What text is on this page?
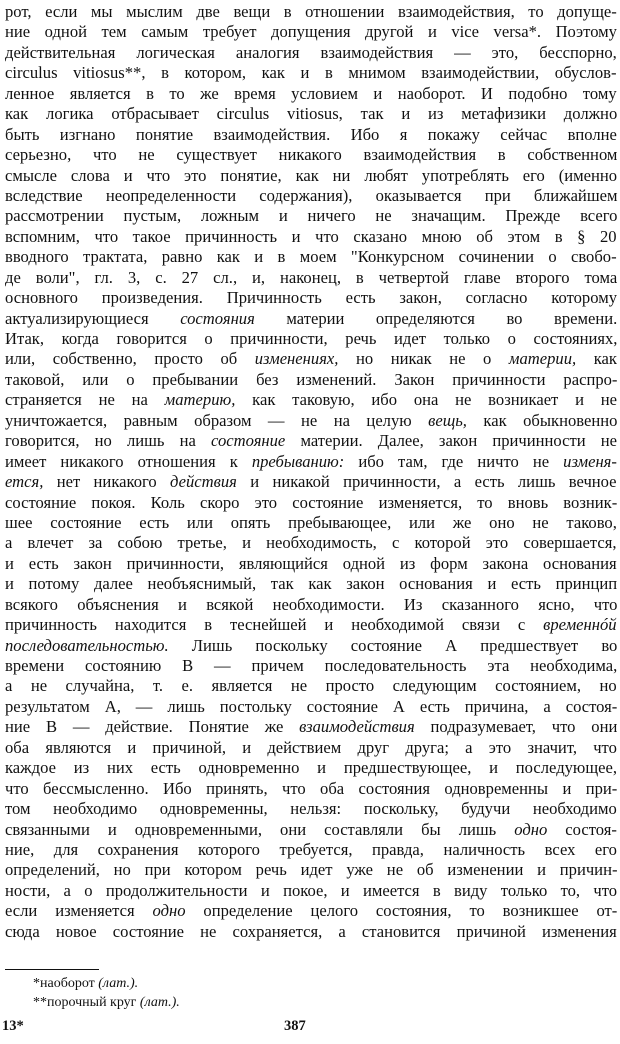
рот, если мы мыслим две вещи в отношении взаимодействия, то допуще-
ние одной тем самым требует допущения другой и vice versa*. Поэтому
действительная логическая аналогия взаимодействия — это, бесспорно,
circulus vitiosus**, в котором, как и в мнимом взаимодействии, обуслов-
ленное является в то же время условием и наоборот. И подобно тому
как логика отбрасывает circulus vitiosus, так и из метафизики должно
быть изгнано понятие взаимодействия. Ибо я покажу сейчас вполне
серьезно, что не существует никакого взаимодействия в собственном
смысле слова и что это понятие, как ни любят употреблять его (именно
вследствие неопределенности содержания), оказывается при ближайшем
рассмотрении пустым, ложным и ничего не значащим. Прежде всего
вспомним, что такое причинность и что сказано мною об этом в § 20
вводного трактата, равно как и в моем "Конкурсном сочинении о свобо-
де воли", гл. 3, с. 27 сл., и, наконец, в четвертой главе второго тома
основного произведения. Причинность есть закон, согласно которому
актуализирующиеся состояния материи определяются во времени.
Итак, когда говорится о причинности, речь идет только о состояниях,
или, собственно, просто об изменениях, но никак не о материи, как
таковой, или о пребывании без изменений. Закон причинности распро-
страняется не на материю, как таковую, ибо она не возникает и не
уничтожается, равным образом — не на целую вещь, как обыкновенно
говорится, но лишь на состояние материи. Далее, закон причинности не
имеет никакого отношения к пребыванию: ибо там, где ничто не изменя-
ется, нет никакого действия и никакой причинности, а есть лишь вечное
состояние покоя. Коль скоро это состояние изменяется, то вновь возник-
шее состояние есть или опять пребывающее, или же оно не таково,
а влечет за собою третье, и необходимость, с которой это совершается,
и есть закон причинности, являющийся одной из форм закона основания
и потому далее необъяснимый, так как закон основания и есть принцип
всякого объяснения и всякой необходимости. Из сказанного ясно, что
причинность находится в теснейшей и необходимой связи с временнóй
последовательностью. Лишь поскольку состояние А предшествует во
времени состоянию В — причем последовательность эта необходима,
а не случайна, т. е. является не просто следующим состоянием, но
результатом А, — лишь постольку состояние А есть причина, а состоя-
ние В — действие. Понятие же взаимодействия подразумевает, что они
оба являются и причиной, и действием друг друга; а это значит, что
каждое из них есть одновременно и предшествующее, и последующее,
что бессмысленно. Ибо принять, что оба состояния одновременны и при-
том необходимо одновременны, нельзя: поскольку, будучи необходимо
связанными и одновременными, они составляли бы лишь одно состоя-
ние, для сохранения которого требуется, правда, наличность всех его
определений, но при котором речь идет уже не об изменении и причин-
ности, а о продолжительности и покое, и имеется в виду только то, что
если изменяется одно определение целого состояния, то возникшее от-
сюда новое состояние не сохраняется, а становится причиной изменения
*наоборот (лат.).
**порочный круг (лат.).
13*	387
